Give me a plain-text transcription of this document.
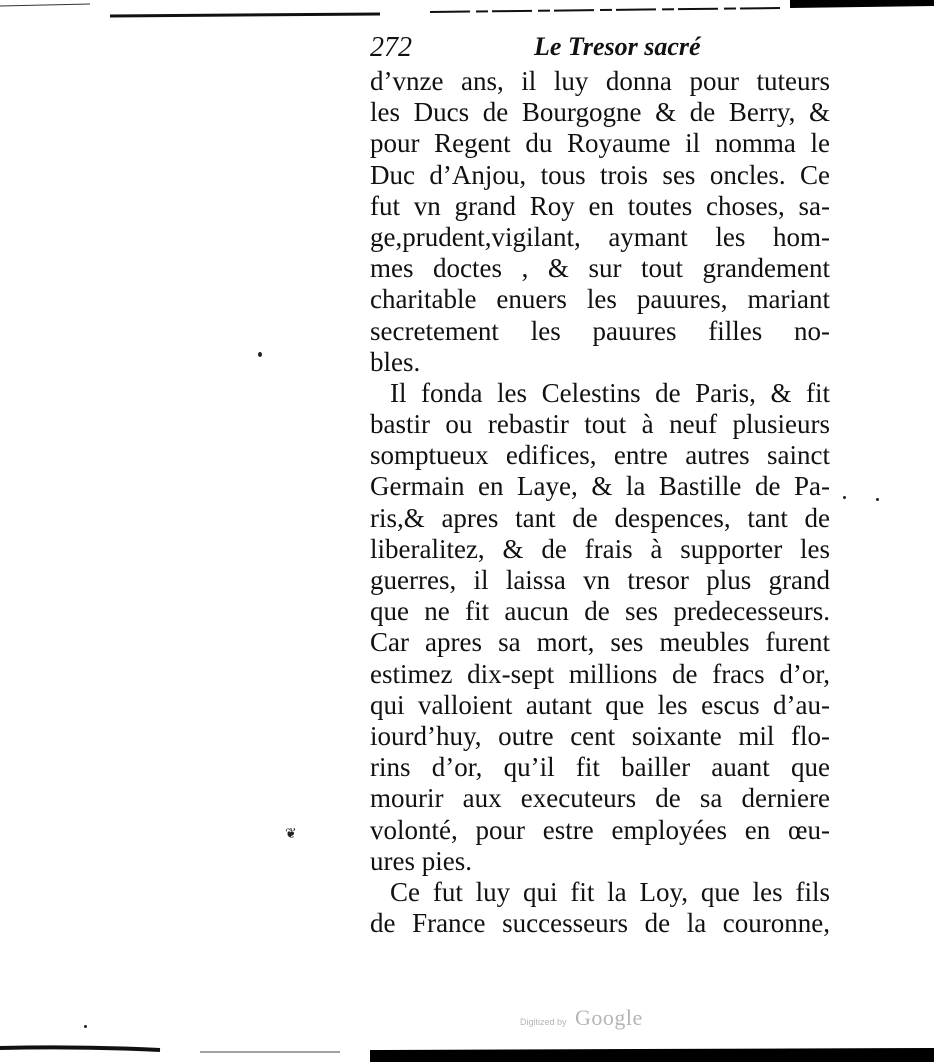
272	Le Tresor sacré
d’vnze ans, il luy donna pour tuteurs
les Ducs de Bourgogne & de Berry, &
pour Regent du Royaume il nomma le
Duc d’Anjou, tous trois ses oncles. Ce
fut vn grand Roy en toutes choses, sa-
ge,prudent,vigilant, aymant les hom-
mes doctes , & sur tout grandement
charitable enuers les pauures, mariant
secretement les pauures filles no-
bles.
Il fonda les Celestins de Paris, & fit
bastir ou rebastir tout à neuf plusieurs
somptueux edifices, entre autres sainct
Germain en Laye, & la Bastille de Pa-
ris,& apres tant de despences, tant de
liberalitez, & de frais à supporter les
guerres, il laissa vn tresor plus grand
que ne fit aucun de ses predecesseurs.
Car apres sa mort, ses meubles furent
estimez dix-sept millions de fracs d’or,
qui valloient autant que les escus d’au-
iourd’huy, outre cent soixante mil flo-
rins d’or, qu’il fit bailler auant que
mourir aux executeurs de sa derniere
volonté, pour estre employées en œu-
ures pies.
Ce fut luy qui fit la Loy, que les fils
de France successeurs de la couronne,
❦
Digitized by Google
